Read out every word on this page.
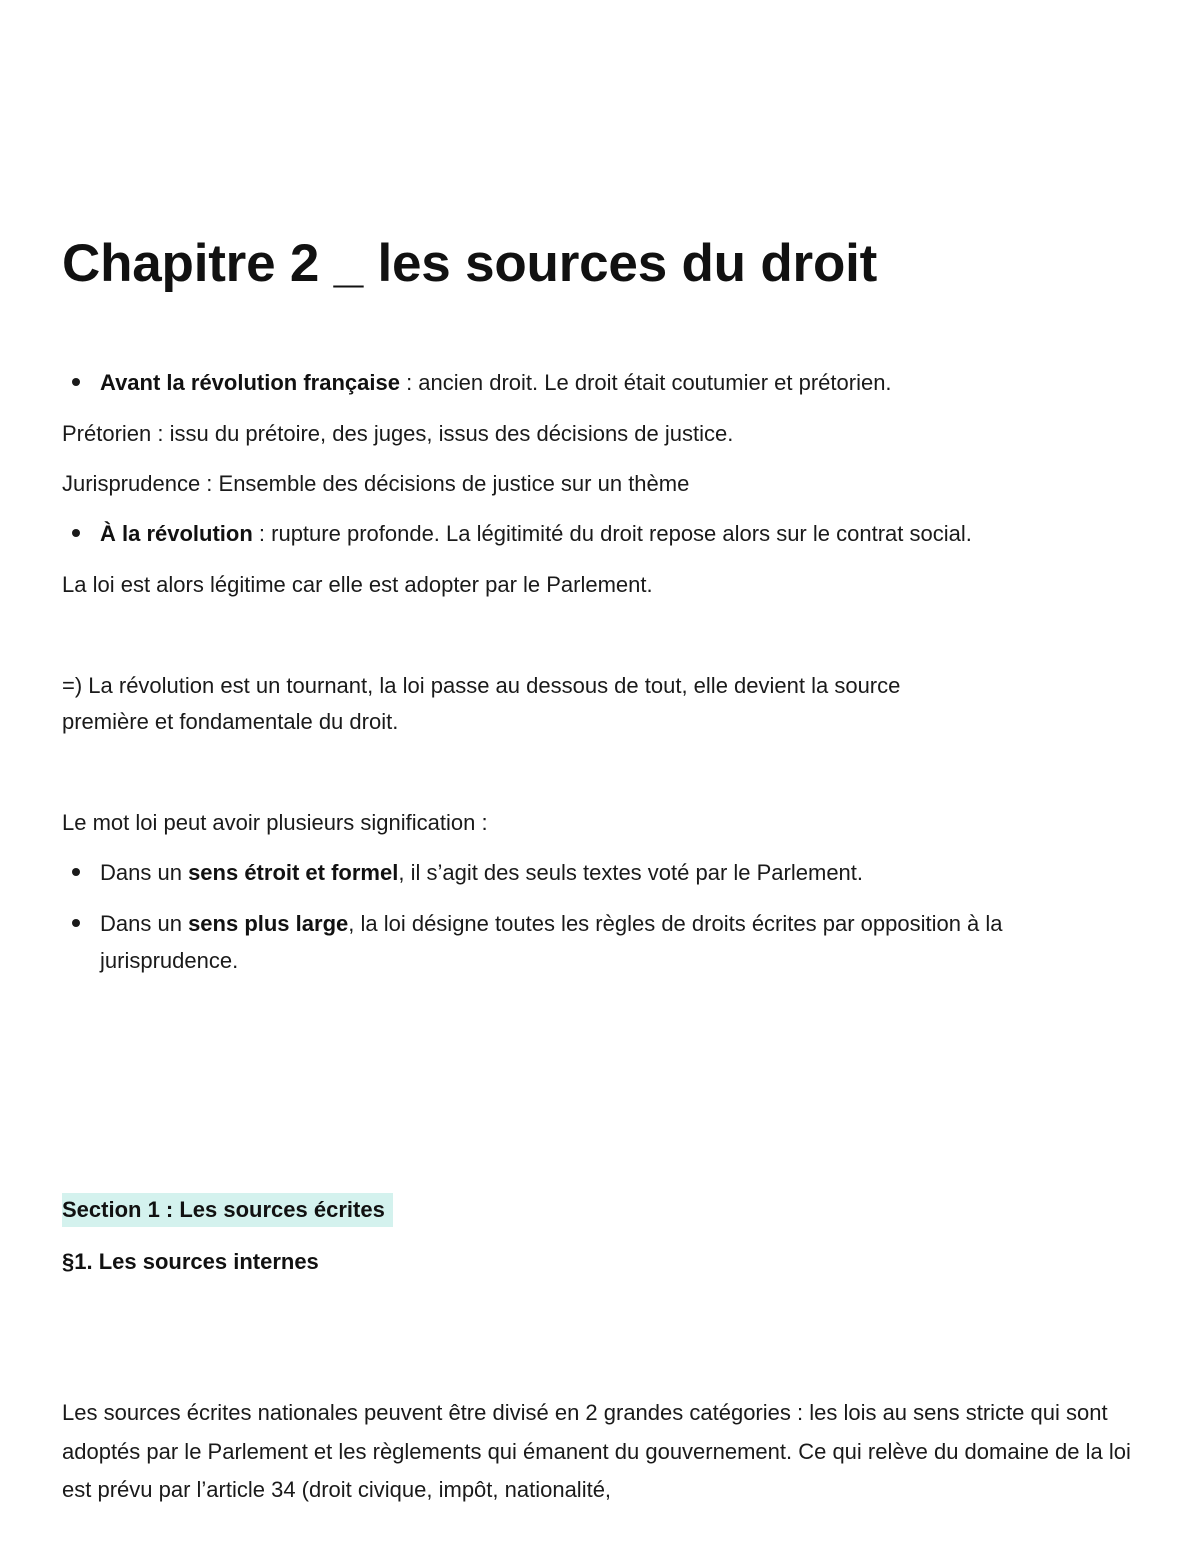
Chapitre 2 _ les sources du droit
Avant la révolution française : ancien droit. Le droit était coutumier et prétorien.

Prétorien : issu du prétoire, des juges, issus des décisions de justice.

Jurisprudence : Ensemble des décisions de justice sur un thème

À la révolution : rupture profonde. La légitimité du droit repose alors sur le contrat social.

La loi est alors légitime car elle est adopter par le Parlement.

=) La révolution est un tournant, la loi passe au dessous de tout, elle devient la source

première et fondamentale du droit.

Le mot loi peut avoir plusieurs signification :

Dans un sens étroit et formel, il s’agit des seuls textes voté par le Parlement.
Dans un sens plus large, la loi désigne toutes les règles de droits écrites par opposition à la jurisprudence.
Section 1 : Les sources écrites
§1. Les sources internes

Les sources écrites nationales peuvent être divisé en 2 grandes catégories : les lois au sens stricte qui sont adoptés par le Parlement et les règlements qui émanent du gouvernement. Ce qui relève du domaine de la loi est prévu par l’article 34 (droit civique, impôt, nationalité,
